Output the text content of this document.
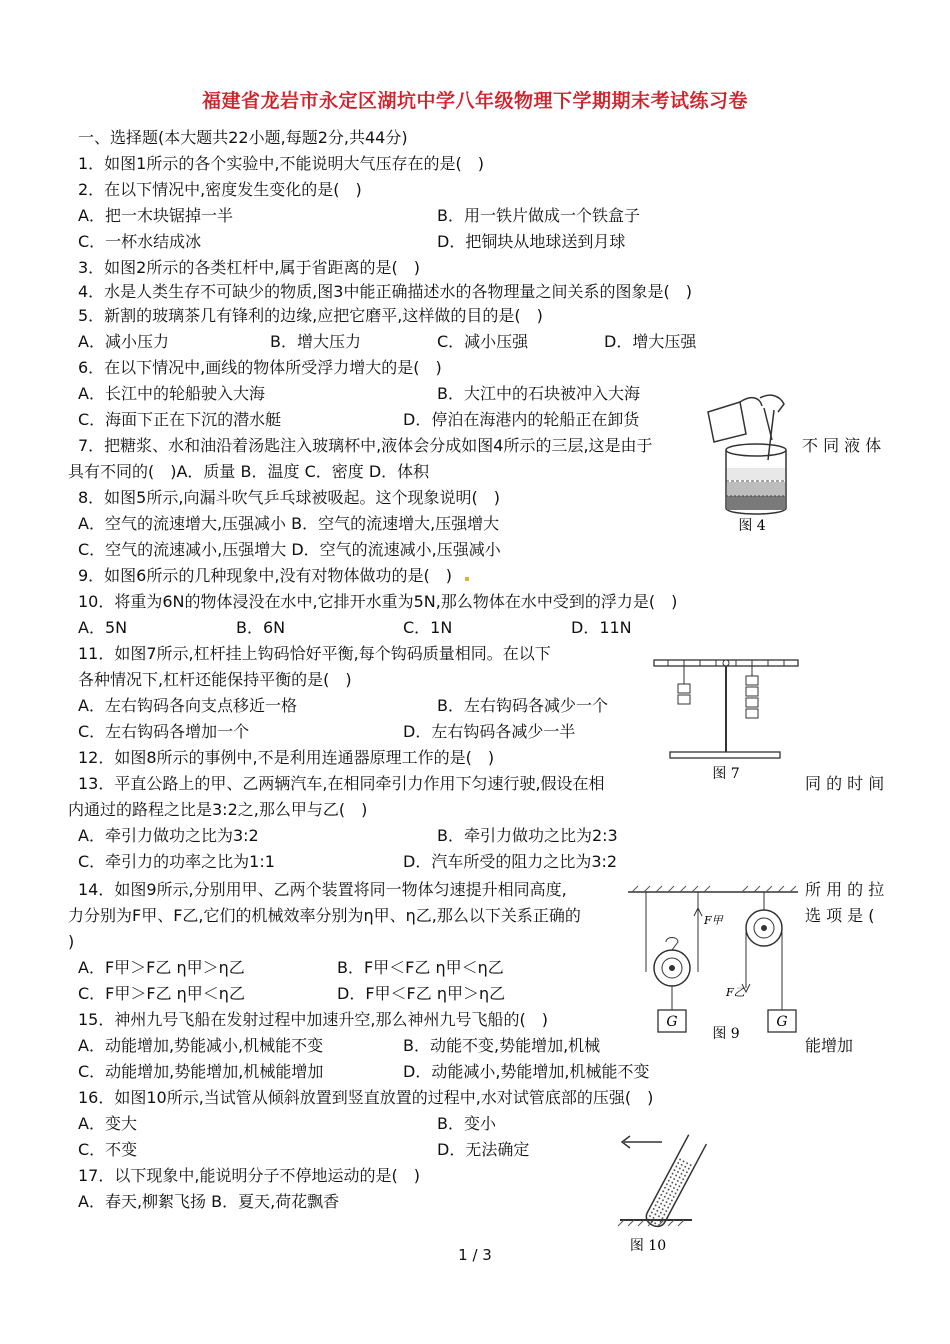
福建省龙岩市永定区湖坑中学八年级物理下学期期末考试练习卷
一、选择题(本大题共22小题,每题2分,共44分)
1．如图1所示的各个实验中,不能说明大气压存在的是(　)
2．在以下情况中,密度发生变化的是(　)
A．把一木块锯掉一半	B．用一铁片做成一个铁盒子
C．一杯水结成冰	D．把铜块从地球送到月球
3．如图2所示的各类杠杆中,属于省距离的是(　)
4．水是人类生存不可缺少的物质,图3中能正确描述水的各物理量之间关系的图象是(　)
5．新割的玻璃茶几有锋利的边缘,应把它磨平,这样做的目的是(　)
A．减小压力	B．增大压力	C．减小压强	D．增大压强
6．在以下情况中,画线的物体所受浮力增大的是(　)
A．长江中的轮船驶入大海	B．大江中的石块被冲入大海
C．海面下正在下沉的潜水艇	D．停泊在海港内的轮船正在卸货
7．把糖浆、水和油沿着汤匙注入玻璃杯中,液体会分成如图4所示的三层,这是由于	不 同 液 体
具有不同的(　)A．质量 B．温度 C．密度 D．体积
8．如图5所示,向漏斗吹气乒乓球被吸起。这个现象说明(　)
A．空气的流速增大,压强减小 B．空气的流速增大,压强增大
C．空气的流速减小,压强增大 D．空气的流速减小,压强减小
9．如图6所示的几种现象中,没有对物体做功的是(　)
10．将重为6N的物体浸没在水中,它排开水重为5N,那么物体在水中受到的浮力是(　)
A．5N	B．6N	C．1N	D．11N
11．如图7所示,杠杆挂上钩码恰好平衡,每个钩码质量相同。在以下
各种情况下,杠杆还能保持平衡的是(　)
A．左右钩码各向支点移近一格	B．左右钩码各减少一个
C．左右钩码各增加一个	D．左右钩码各减少一半
12．如图8所示的事例中,不是利用连通器原理工作的是(　)
13．平直公路上的甲、乙两辆汽车,在相同牵引力作用下匀速行驶,假设在相	同 的 时 间
内通过的路程之比是3:2之,那么甲与乙(　)
A．牵引力做功之比为3:2	B．牵引力做功之比为2:3
C．牵引力的功率之比为1:1	D．汽车所受的阻力之比为3:2
14．如图9所示,分别用甲、乙两个装置将同一物体匀速提升相同高度,	所 用 的 拉
力分别为F甲、F乙,它们的机械效率分别为η甲、η乙,那么以下关系正确的	选 项 是 (
)
A．F甲＞F乙 η甲＞η乙	B．F甲＜F乙 η甲＜η乙
C．F甲＞F乙 η甲＜η乙	D．F甲＜F乙 η甲＞η乙
15．神州九号飞船在发射过程中加速升空,那么神州九号飞船的(　)
A．动能增加,势能减小,机械能不变	B．动能不变,势能增加,机械	能增加
C．动能增加,势能增加,机械能增加	D．动能减小,势能增加,机械能不变
16．如图10所示,当试管从倾斜放置到竖直放置的过程中,水对试管底部的压强(　)
A．变大	B．变小
C．不变	D．无法确定
17．以下现象中,能说明分子不停地运动的是(　)
A．春天,柳絮飞扬 B．夏天,荷花飘香
图 4
图 7
G
F甲
F乙
G
图 9
图 10
1 / 3
